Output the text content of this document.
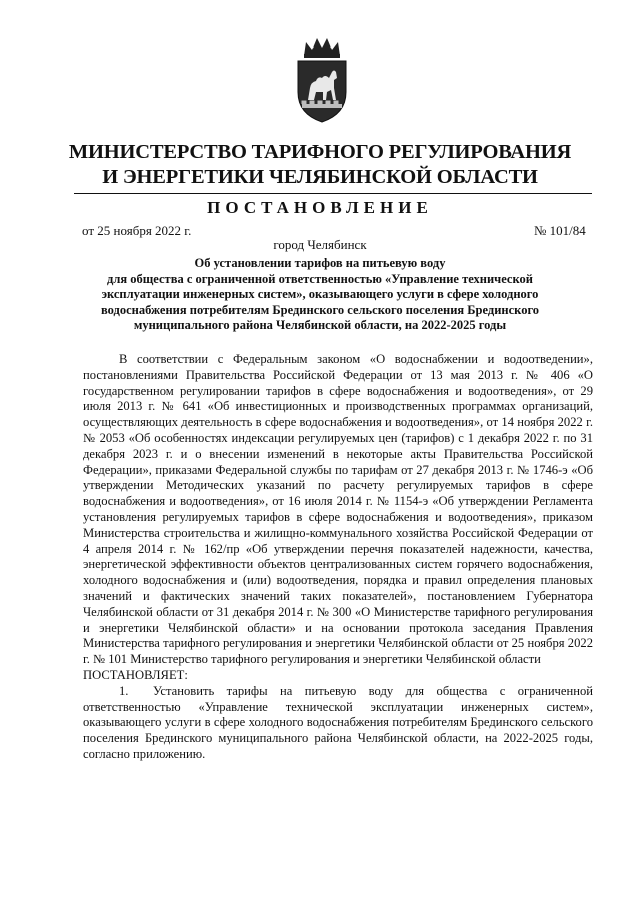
МИНИСТЕРСТВО ТАРИФНОГО РЕГУЛИРОВАНИЯ
И ЭНЕРГЕТИКИ ЧЕЛЯБИНСКОЙ ОБЛАСТИ
ПОСТАНОВЛЕНИЕ
от 25 ноября 2022 г.	№ 101/84
город Челябинск
Об установлении тарифов на питьевую воду
для общества с ограниченной ответственностью «Управление технической
эксплуатации инженерных систем», оказывающего услуги в сфере холодного
водоснабжения потребителям Брединского сельского поселения Брединского
муниципального района Челябинской области, на 2022-2025 годы

В соответствии с Федеральным законом «О водоснабжении и водоотведении», постановлениями Правительства Российской Федерации от 13 мая 2013 г. № 406 «О государственном регулировании тарифов в сфере водоснабжения и водоотведения», от 29 июля 2013 г. № 641 «Об инвестиционных и производственных программах организаций, осуществляющих деятельность в сфере водоснабжения и водоотведения», от 14 ноября 2022 г. № 2053 «Об особенностях индексации регулируемых цен (тарифов) с 1 декабря 2022 г. по 31 декабря 2023 г. и о внесении изменений в некоторые акты Правительства Российской Федерации», приказами Федеральной службы по тарифам от 27 декабря 2013 г. № 1746-э «Об утверждении Методических указаний по расчету регулируемых тарифов в сфере водоснабжения и водоотведения», от 16 июля 2014 г. № 1154-э «Об утверждении Регламента установления регулируемых тарифов в сфере водоснабжения и водоотведения», приказом Министерства строительства и жилищно-коммунального хозяйства Российской Федерации от 4 апреля 2014 г. № 162/пр «Об утверждении перечня показателей надежности, качества, энергетической эффективности объектов централизованных систем горячего водоснабжения, холодного водоснабжения и (или) водоотведения, порядка и правил определения плановых значений и фактических значений таких показателей», постановлением Губернатора Челябинской области от 31 декабря 2014 г. № 300 «О Министерстве тарифного регулирования и энергетики Челябинской области» и на основании протокола заседания Правления Министерства тарифного регулирования и энергетики Челябинской области от 25 ноября 2022 г. № 101 Министерство тарифного регулирования и энергетики Челябинской области

ПОСТАНОВЛЯЕТ:

1. Установить тарифы на питьевую воду для общества с ограниченной ответственностью «Управление технической эксплуатации инженерных систем», оказывающего услуги в сфере холодного водоснабжения потребителям Брединского сельского поселения Брединского муниципального района Челябинской области, на 2022-2025 годы, согласно приложению.
